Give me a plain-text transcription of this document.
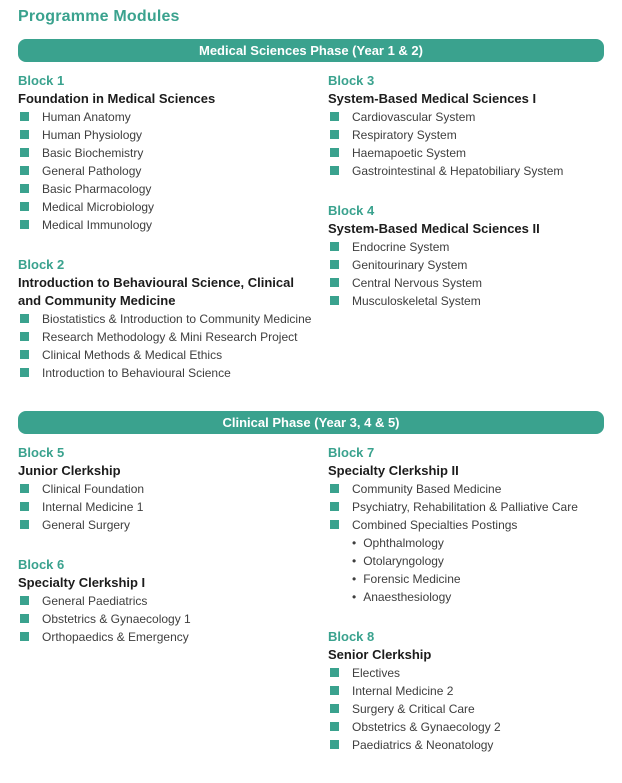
Programme Modules
Medical Sciences Phase (Year 1 & 2)
Block 1
Foundation in Medical Sciences
Human Anatomy
Human Physiology
Basic Biochemistry
General Pathology
Basic Pharmacology
Medical Microbiology
Medical Immunology
Block 2
Introduction to Behavioural Science, Clinical and Community Medicine
Biostatistics & Introduction to Community Medicine
Research Methodology & Mini Research Project
Clinical Methods & Medical Ethics
Introduction to Behavioural Science
Block 3
System-Based Medical Sciences I
Cardiovascular System
Respiratory System
Haemapoetic System
Gastrointestinal & Hepatobiliary System
Block 4
System-Based Medical Sciences II
Endocrine System
Genitourinary System
Central Nervous System
Musculoskeletal System
Clinical Phase (Year 3, 4 & 5)
Block 5
Junior Clerkship
Clinical Foundation
Internal Medicine 1
General Surgery
Block 6
Specialty Clerkship I
General Paediatrics
Obstetrics & Gynaecology 1
Orthopaedics & Emergency
Block 7
Specialty Clerkship II
Community Based Medicine
Psychiatry, Rehabilitation & Palliative Care
Combined Specialties Postings
• Ophthalmology
• Otolaryngology
• Forensic Medicine
• Anaesthesiology
Block 8
Senior Clerkship
Electives
Internal Medicine 2
Surgery & Critical Care
Obstetrics & Gynaecology 2
Paediatrics & Neonatology
